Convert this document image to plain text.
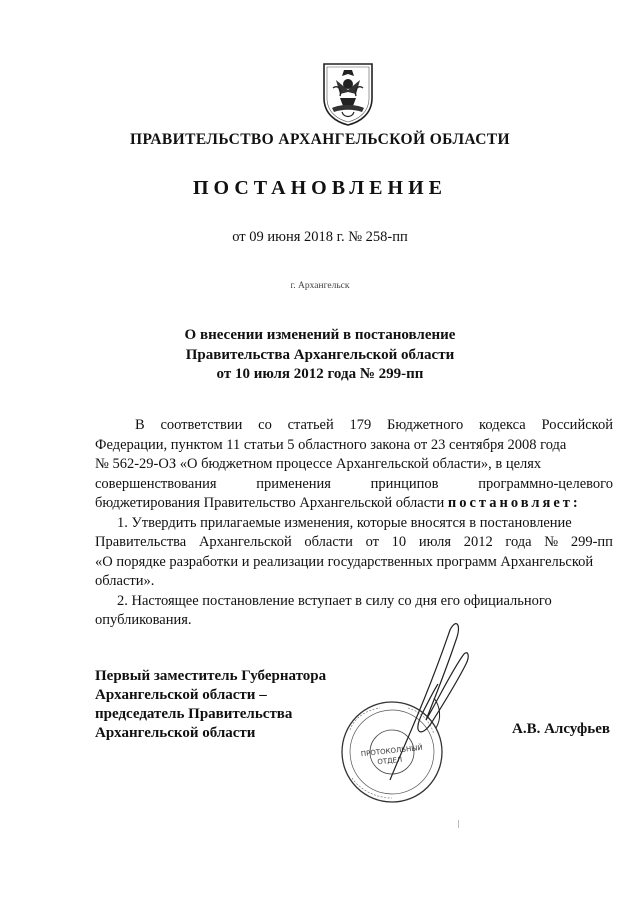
ПРАВИТЕЛЬСТВО АРХАНГЕЛЬСКОЙ ОБЛАСТИ
ПОСТАНОВЛЕНИЕ
от 09 июня 2018 г. № 258-пп
г. Архангельск
О внесении изменений в постановление
Правительства Архангельской области
от 10 июля 2012 года № 299-пп
В соответствии со статьей 179 Бюджетного кодекса Российской
Федерации, пунктом 11 статьи 5 областного закона от 23 сентября 2008 года
№ 562-29-ОЗ «О бюджетном процессе Архангельской области», в целях
совершенствования	применения	принципов	программно-целевого
бюджетирования Правительство Архангельской области постановляет:
1. Утвердить прилагаемые изменения, которые вносятся в постановление
Правительства Архангельской области от 10 июля 2012 года № 299-пп
«О порядке разработки и реализации государственных программ Архангельской
области».
2. Настоящее постановление вступает в силу со дня его официального
опубликования.
ПРОТОКОЛЬНЫЙ
ОТДЕЛ
Первый заместитель Губернатора
Архангельской области –
председатель Правительства
Архангельской области	А.В. Алсуфьев
